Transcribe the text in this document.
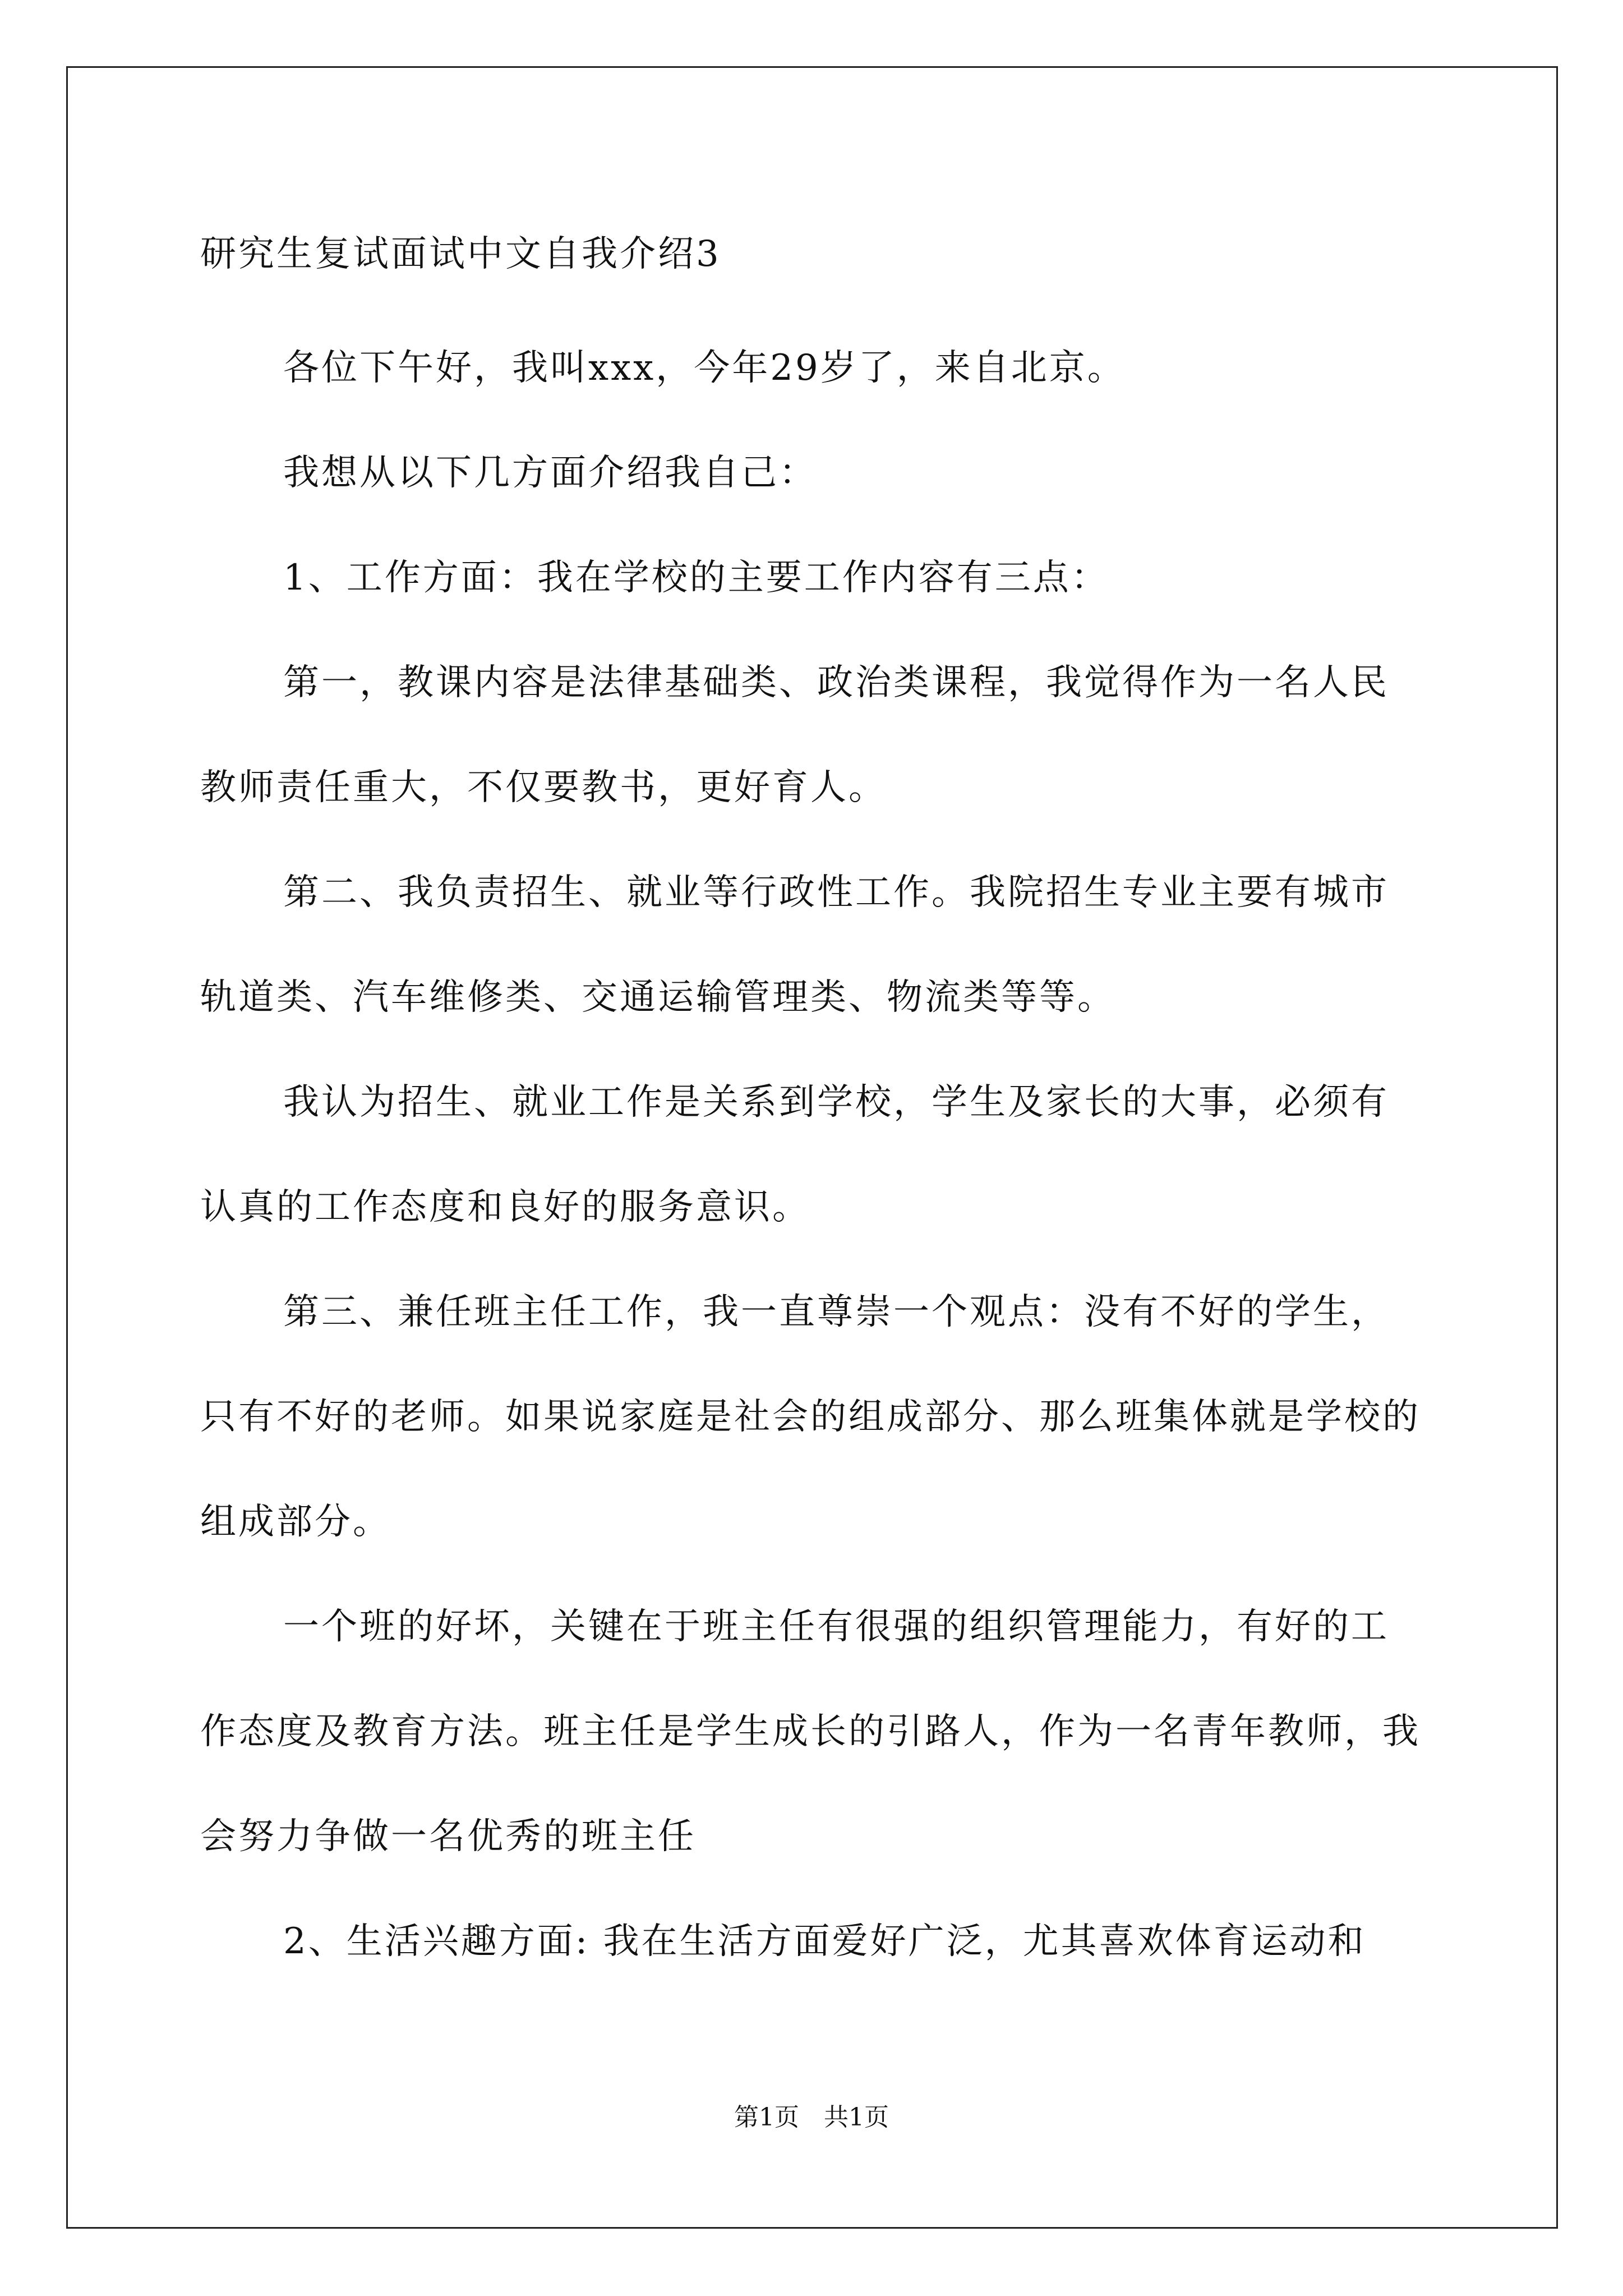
研究生复试面试中文自我介绍3

各位下午好，我叫xxx，今年29岁了，来自北京。

我想从以下几方面介绍我自己：

1、工作方面：我在学校的主要工作内容有三点：

第一，教课内容是法律基础类、政治类课程，我觉得作为一名人民教师责任重大，不仅要教书，更好育人。

第二、我负责招生、就业等行政性工作。我院招生专业主要有城市轨道类、汽车维修类、交通运输管理类、物流类等等。

我认为招生、就业工作是关系到学校，学生及家长的大事，必须有认真的工作态度和良好的服务意识。

第三、兼任班主任工作，我一直尊崇一个观点：没有不好的学生，只有不好的老师。如果说家庭是社会的组成部分、那么班集体就是学校的组成部分。

一个班的好坏，关键在于班主任有很强的组织管理能力，有好的工作态度及教育方法。班主任是学生成长的引路人，作为一名青年教师，我会努力争做一名优秀的班主任

2、生活兴趣方面: 我在生活方面爱好广泛，尤其喜欢体育运动和

第1页　共1页
